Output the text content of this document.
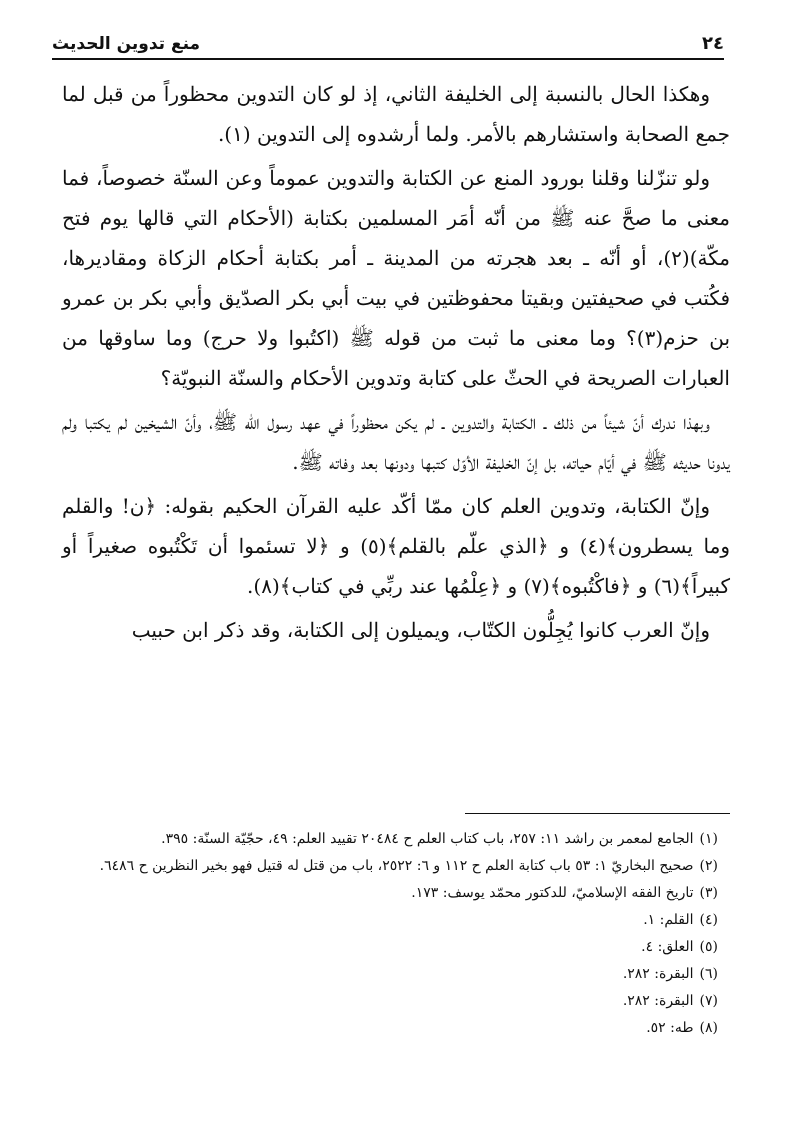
٢٤
منع تدوين الحديث

وهكذا الحال بالنسبة إلى الخليفة الثاني، إذ لو كان التدوين محظوراً من قبل لما جمع الصحابة واستشارهم بالأمر. ولما أرشدوه إلى التدوين (١).

ولو تنزّلنا وقلنا بورود المنع عن الكتابة والتدوين عموماً وعن السنّة خصوصاً، فما معنى ما صحَّ عنه ﷺ من أنّه أمَر المسلمين بكتابة (الأحكام التي قالها يوم فتح مكّة)(٢)، أو أنّه ـ بعد هجرته من المدينة ـ أمر بكتابة أحكام الزكاة ومقاديرها، فكُتب في صحيفتين وبقيتا محفوظتين في بيت أبي بكر الصدّيق وأبي بكر بن عمرو بن حزم(٣)؟ وما معنى ما ثبت من قوله ﷺ (اكتُبوا ولا حرج) وما ساوقها من العبارات الصريحة في الحثّ على كتابة وتدوين الأحكام والسنّة النبويّة؟

وبهذا ندرك أنّ شيئاً من ذلك ـ الكتابة والتدوين ـ لم يكن محظوراً في عهد رسول الله ﷺ، وأنّ الشيخين لم يكتبا ولم يدونا حديثه ﷺ في أيّام حياته، بل إنّ الخليفة الأوّل كتبها ودونها بعد وفاته ﷺ.

وإنّ الكتابة، وتدوين العلم كان ممّا أكّد عليه القرآن الحكيم بقوله: ﴿ن! والقلم وما يسطرون﴾(٤) و ﴿الذي علّم بالقلم﴾(٥) و ﴿لا تسئموا أن تَكْتُبوه صغيراً أو كبيراً﴾(٦) و ﴿فاكْتُبوه﴾(٧) و ﴿عِلْمُها عند ربِّي في كتاب﴾(٨).

وإنّ العرب كانوا يُجِلُّون الكتّاب، ويميلون إلى الكتابة، وقد ذكر ابن حبيب

(١)الجامع لمعمر بن راشد ١١: ٢٥٧، باب كتاب العلم ح ٢٠٤٨٤ تقييد العلم: ٤٩، حجّيّة السنّة: ٣٩٥.

(٢)صحيح البخاريّ ١: ٥٣ باب كتابة العلم ح ١١٢ و ٦: ٢٥٢٢، باب من قتل له قتيل فهو بخير النظرين ح ٦٤٨٦.

(٣)تاريخ الفقه الإسلاميّ، للدكتور محمّد يوسف: ١٧٣.

(٤)القلم: ١.

(٥)العلق: ٤.

(٦)البقرة: ٢٨٢.

(٧)البقرة: ٢٨٢.

(٨)طه: ٥٢.
